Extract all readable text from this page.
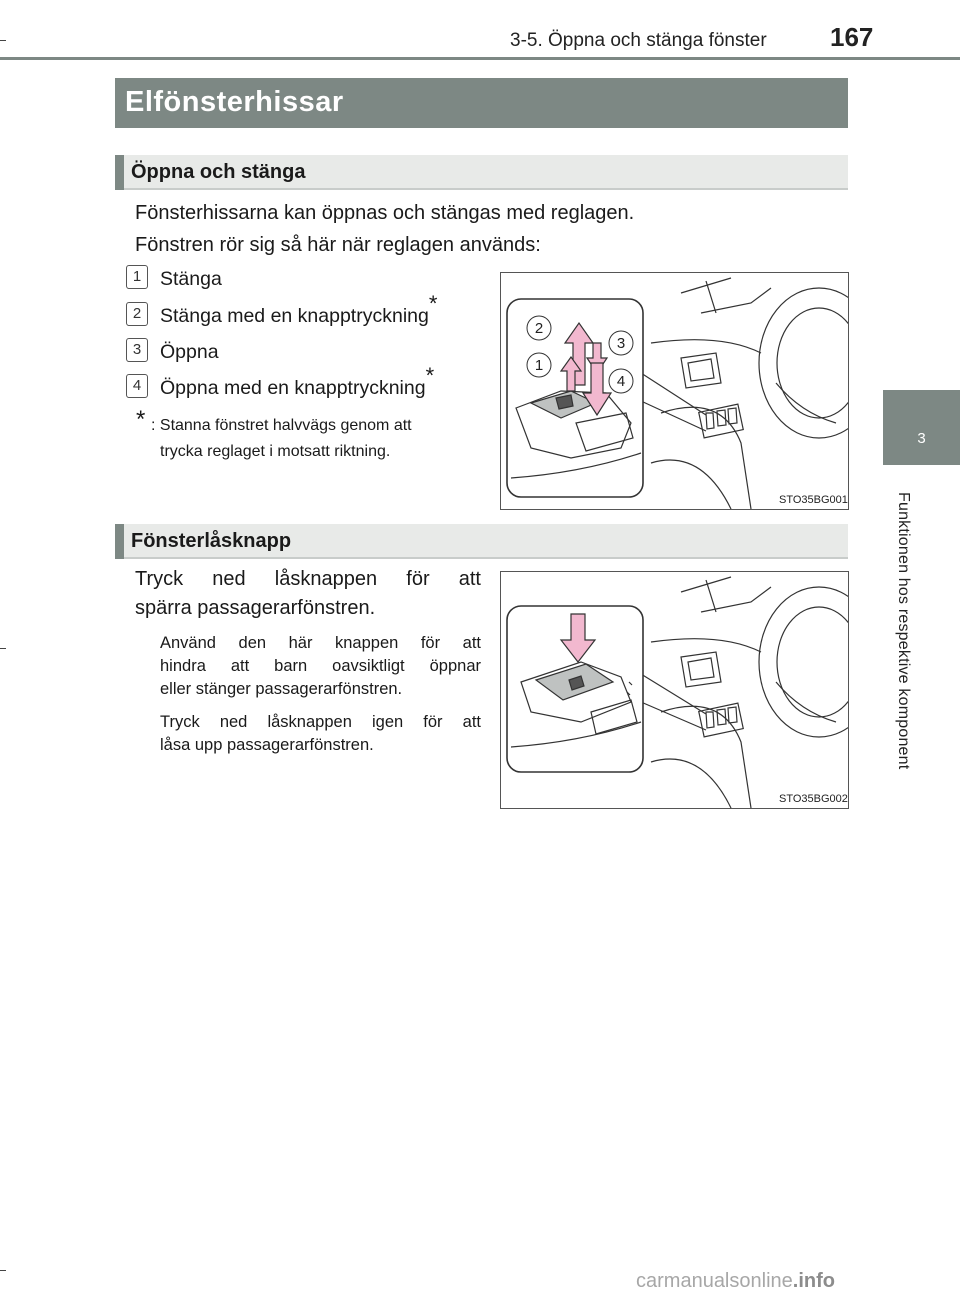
3-5. Öppna och stänga fönster 167
3
Funktionen hos respektive komponent
Elfönsterhissar
Öppna och stänga
Fönsterhissarna kan öppnas och stängas med reglagen.
Fönstren rör sig så här när reglagen används:
1 Stänga
2 Stänga med en knapptryckning*
3 Öppna
4 Öppna med en knapptryckning*
* : Stanna fönstret halvvägs genom att
trycka reglaget i motsatt riktning.
2
3
1
4
STO35BG001
Fönsterlåsknapp
Tryck ned låsknappen för att
spärra passagerarfönstren.
Använd den här knappen för att
hindra att barn oavsiktligt öppnar
eller stänger passagerarfönstren.
Tryck ned låsknappen igen för att
låsa upp passagerarfönstren.
STO35BG002
carmanualsonline.info
